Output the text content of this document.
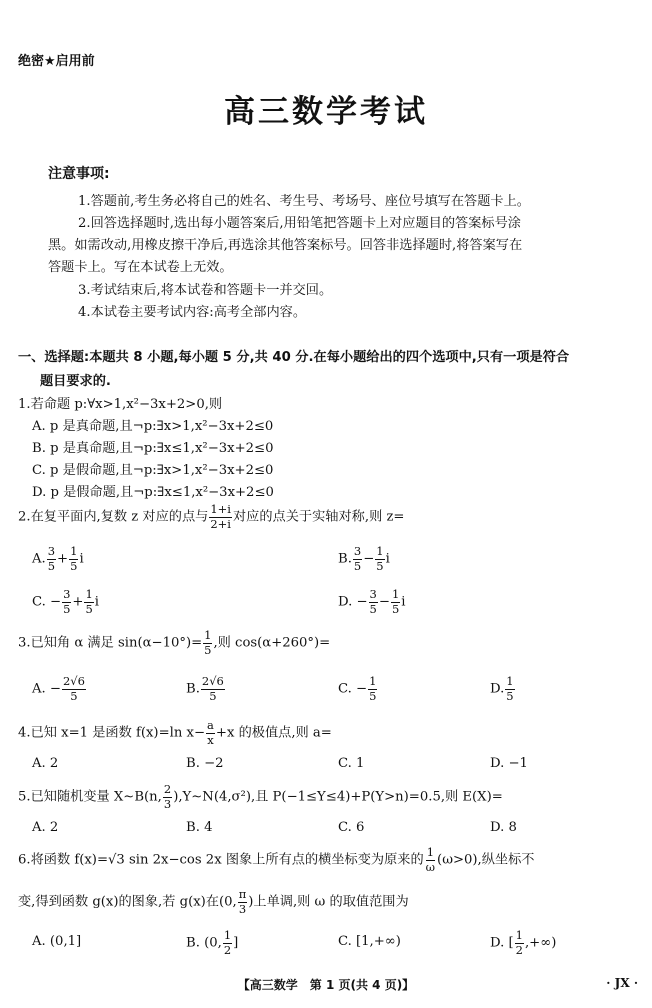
绝密★启用前
高三数学考试
注意事项:
1.答题前,考生务必将自己的姓名、考生号、考场号、座位号填写在答题卡上。
2.回答选择题时,选出每小题答案后,用铅笔把答题卡上对应题目的答案标号涂
黑。如需改动,用橡皮擦干净后,再选涂其他答案标号。回答非选择题时,将答案写在
答题卡上。写在本试卷上无效。
3.考试结束后,将本试卷和答题卡一并交回。
4.本试卷主要考试内容:高考全部内容。
一、选择题:本题共 8 小题,每小题 5 分,共 40 分.在每小题给出的四个选项中,只有一项是符合
题目要求的.
1.若命题 p:∀x>1,x²−3x+2>0,则
A. p 是真命题,且¬p:∃x>1,x²−3x+2≤0
B. p 是真命题,且¬p:∃x≤1,x²−3x+2≤0
C. p 是假命题,且¬p:∃x>1,x²−3x+2≤0
D. p 是假命题,且¬p:∃x≤1,x²−3x+2≤0
2.在复平面内,复数 z 对应的点与 $\frac{1+i}{2+i}$ 对应的点关于实轴对称,则 z=
A. $\frac{3}{5} + \frac{1}{5}$ i	B. $\frac{3}{5} - \frac{1}{5}$ i
C. − $\frac{3}{5} + \frac{1}{5}$ i	D. − $\frac{3}{5} - \frac{1}{5}$ i
3.已知角 α 满足 $\sin(\alpha-10^\circ)= \frac{1}{5}$ ,则 cos(α+260°)=
A. − $\frac{2√6}{5}$	B. $\frac{2√6}{5}$	C. − $\frac{1}{5}$	D. $\frac{1}{5}$
4.已知 x=1 是函数 f(x)=ln $x- \frac{a}{x} +x$ 的极值点,则 a=
A. 2	B. −2	C. 1	D. −1
5.已知随机变量 X∼B(n, $\frac{2}{3}$ ),Y∼N(4,σ²),且 P(−1≤Y≤4)+P(Y>n)=0.5,则 E(X)=
A. 2	B. 4	C. 6	D. 8
6.将函数 f(x)=√3 sin 2x−cos 2x 图象上所有点的横坐标变为原来的 $\frac{1}{\omega} (\omega>0)$,纵坐标不
变,得到函数 g(x)的图象,若 g(x)在(0, $\frac{\pi}{3}$ )上单调,则 ω 的取值范围为
A. (0,1]	B. (0, $\frac{1}{2}$ ]	C. [1,+∞)	D. [ $\frac{1}{2}$ ,+∞)
【高三数学　第 1 页(共 4 页)】	· JX ·
